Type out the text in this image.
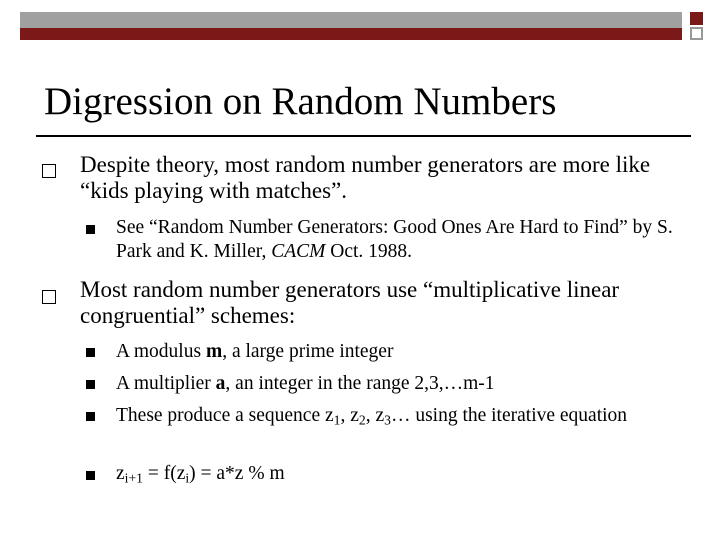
Digression on Random Numbers
Despite theory, most random number generators are more like “kids playing with matches”.
See “Random Number Generators: Good Ones Are Hard to Find” by S. Park and K. Miller, CACM Oct. 1988.
Most random number generators use “multiplicative linear congruential” schemes:
A modulus m, a large prime integer
A multiplier a, an integer in the range 2,3,…m-1
These produce a sequence $z_1$, $z_2$, $z_3\dots$ using the iterative equation
$z_{i+1} = f(z_i) = a*z$ % m
